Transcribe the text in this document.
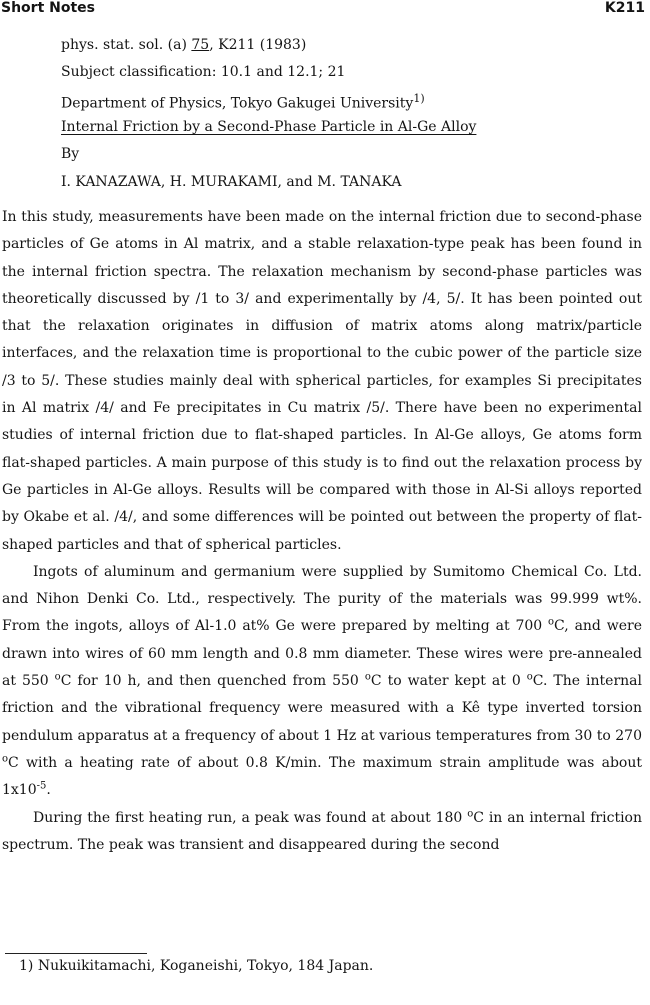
Short Notes	K211
phys. stat. sol. (a) 75, K211 (1983)
Subject classification: 10.1 and 12.1; 21
Department of Physics, Tokyo Gakugei University$^{1)}$
Internal Friction by a Second-Phase Particle in Al-Ge Alloy
By
I. KANAZAWA, H. MURAKAMI, and M. TANAKA

In this study, measurements have been made on the internal friction due to second-phase particles of Ge atoms in Al matrix, and a stable relaxation-type peak has been found in the internal friction spectra. The relaxation mechanism by second-phase particles was theoretically discussed by /1 to 3/ and experimentally by /4, 5/. It has been pointed out that the relaxation originates in diffusion of matrix atoms along matrix/particle interfaces, and the relaxation time is proportional to the cubic power of the particle size /3 to 5/. These studies mainly deal with spherical particles, for examples Si precipitates in Al matrix /4/ and Fe precipitates in Cu matrix /5/. There have been no experimental studies of internal friction due to flat-shaped particles. In Al-Ge alloys, Ge atoms form flat-shaped particles. A main purpose of this study is to find out the relaxation process by Ge particles in Al-Ge alloys. Results will be compared with those in Al-Si alloys reported by Okabe et al. /4/, and some differences will be pointed out between the property of flat-shaped particles and that of spherical particles.

Ingots of aluminum and germanium were supplied by Sumitomo Chemical Co. Ltd. and Nihon Denki Co. Ltd., respectively. The purity of the materials was 99.999 wt%. From the ingots, alloys of Al-1.0 at% Ge were prepared by melting at 700 $^o$C, and were drawn into wires of 60 mm length and 0.8 mm diameter. These wires were pre-annealed at 550 $^o$C for 10 h, and then quenched from 550 $^o$C to water kept at 0 $^o$C. The internal friction and the vibrational frequency were measured with a Kê type inverted torsion pendulum apparatus at a frequency of about 1 Hz at various temperatures from 30 to 270 $^o$C with a heating rate of about 0.8 K/min. The maximum strain amplitude was about $1x10^{-5}$.

During the first heating run, a peak was found at about 180 $^o$C in an internal friction spectrum. The peak was transient and disappeared during the second

1) Nukuikitamachi, Koganeishi, Tokyo, 184 Japan.
